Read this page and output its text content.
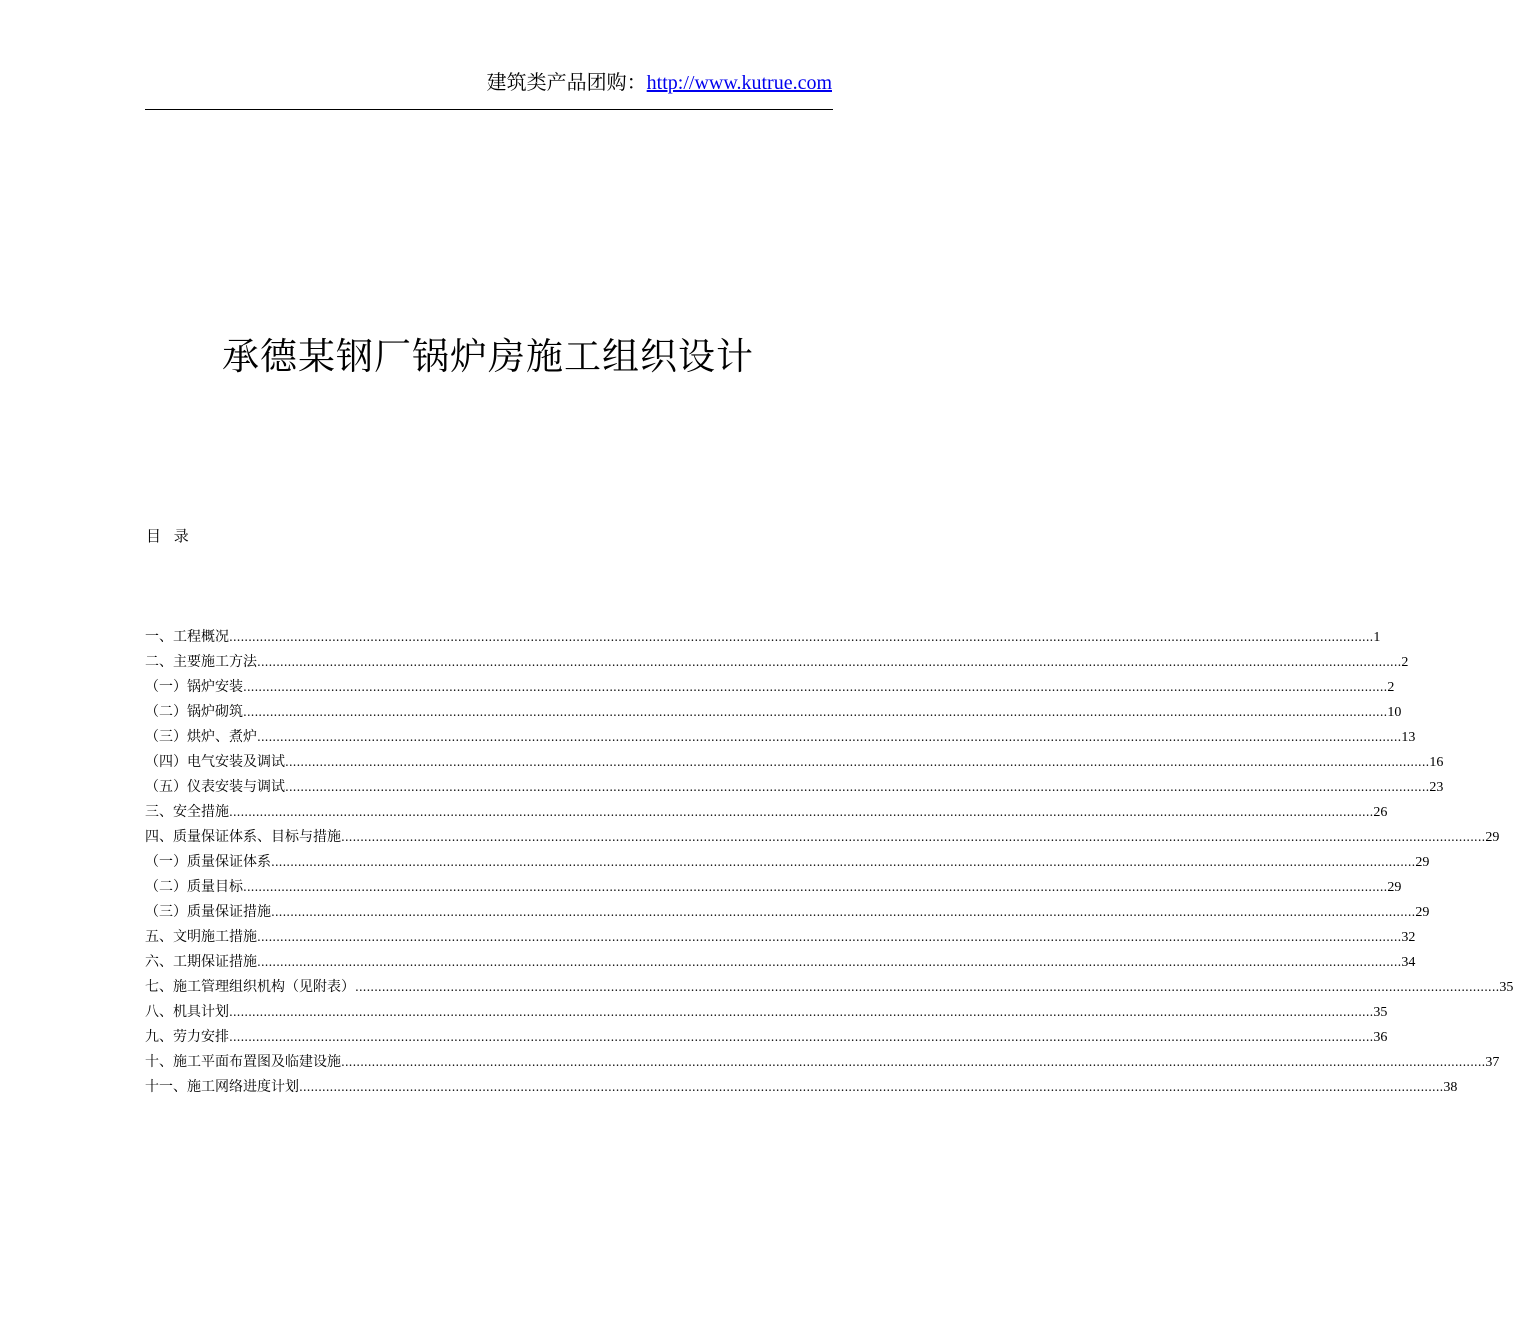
建筑类产品团购：http://www.kutrue.com
承德某钢厂锅炉房施工组织设计
目 录
一、工程概况 ............................................................................................................................................................................................................................................................................................................ 1
二、主要施工方法 ............................................................................................................................................................................................................................................................................................................ 2
（一）锅炉安装 ............................................................................................................................................................................................................................................................................................................ 2
（二）锅炉砌筑 ............................................................................................................................................................................................................................................................................................................ 10
（三）烘炉、煮炉 ............................................................................................................................................................................................................................................................................................................ 13
（四）电气安装及调试 ............................................................................................................................................................................................................................................................................................................ 16
（五）仪表安装与调试 ............................................................................................................................................................................................................................................................................................................ 23
三、安全措施 ............................................................................................................................................................................................................................................................................................................ 26
四、质量保证体系、目标与措施 ............................................................................................................................................................................................................................................................................................................ 29
（一）质量保证体系 ............................................................................................................................................................................................................................................................................................................ 29
（二）质量目标 ............................................................................................................................................................................................................................................................................................................ 29
（三）质量保证措施 ............................................................................................................................................................................................................................................................................................................ 29
五、文明施工措施 ............................................................................................................................................................................................................................................................................................................ 32
六、工期保证措施 ............................................................................................................................................................................................................................................................................................................ 34
七、施工管理组织机构（见附表） ............................................................................................................................................................................................................................................................................................................ 35
八、机具计划 ............................................................................................................................................................................................................................................................................................................ 35
九、劳力安排 ............................................................................................................................................................................................................................................................................................................ 36
十、施工平面布置图及临建设施 ............................................................................................................................................................................................................................................................................................................ 37
十一、施工网络进度计划 ............................................................................................................................................................................................................................................................................................................ 38
